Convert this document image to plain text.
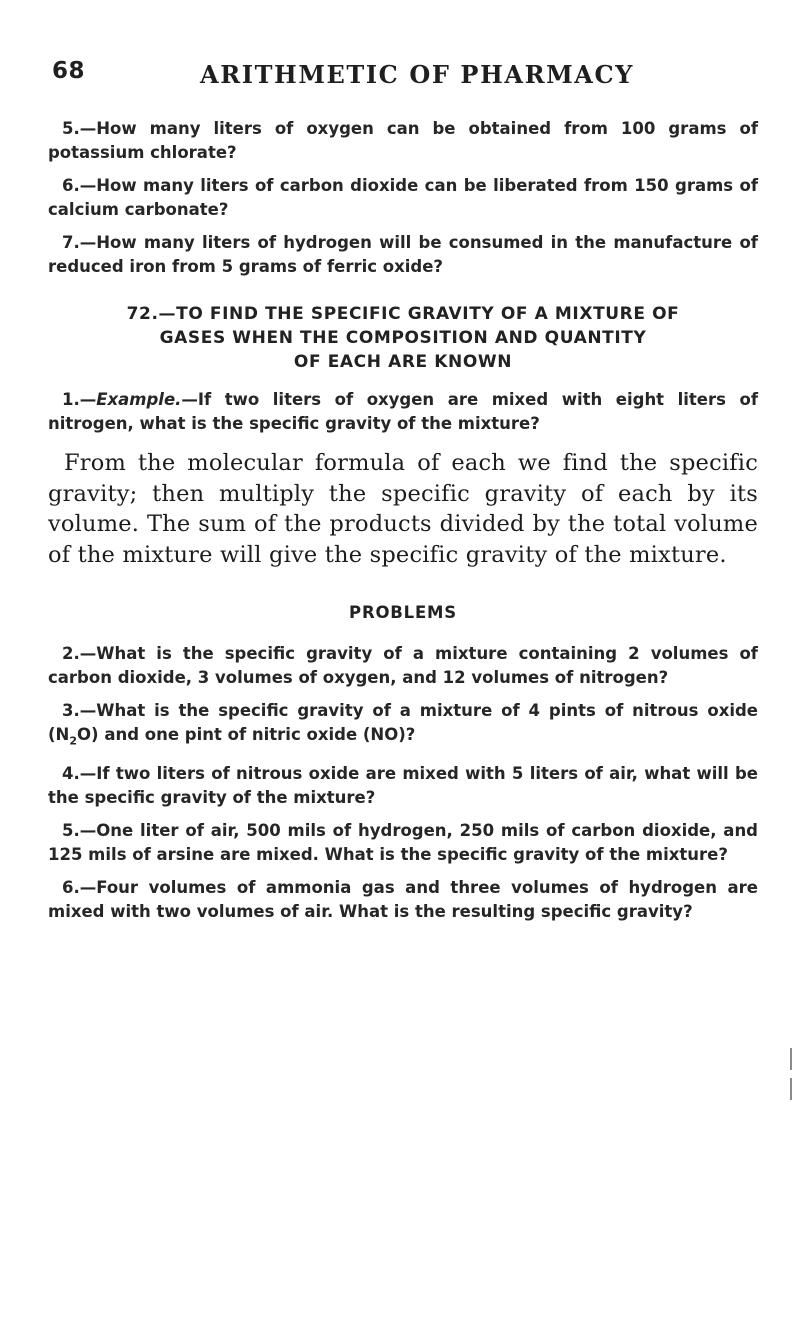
68	ARITHMETIC OF PHARMACY

5.—How many liters of oxygen can be obtained from 100 grams of potassium chlorate?

6.—How many liters of carbon dioxide can be liberated from 150 grams of calcium carbonate?

7.—How many liters of hydrogen will be consumed in the manufacture of reduced iron from 5 grams of ferric oxide?

72.—TO FIND THE SPECIFIC GRAVITY OF A MIXTURE OF
GASES WHEN THE COMPOSITION AND QUANTITY
OF EACH ARE KNOWN

1.—Example.—If two liters of oxygen are mixed with eight liters of nitrogen, what is the specific gravity of the mixture?

From the molecular formula of each we find the specific gravity; then multiply the specific gravity of each by its volume. The sum of the products divided by the total volume of the mixture will give the specific gravity of the mixture.

PROBLEMS

2.—What is the specific gravity of a mixture containing 2 volumes of carbon dioxide, 3 volumes of oxygen, and 12 volumes of nitrogen?

3.—What is the specific gravity of a mixture of 4 pints of nitrous oxide $(N_2O)$ and one pint of nitric oxide (NO)?

4.—If two liters of nitrous oxide are mixed with 5 liters of air, what will be the specific gravity of the mixture?

5.—One liter of air, 500 mils of hydrogen, 250 mils of carbon dioxide, and 125 mils of arsine are mixed. What is the specific gravity of the mixture?

6.—Four volumes of ammonia gas and three volumes of hydrogen are mixed with two volumes of air. What is the resulting specific gravity?
